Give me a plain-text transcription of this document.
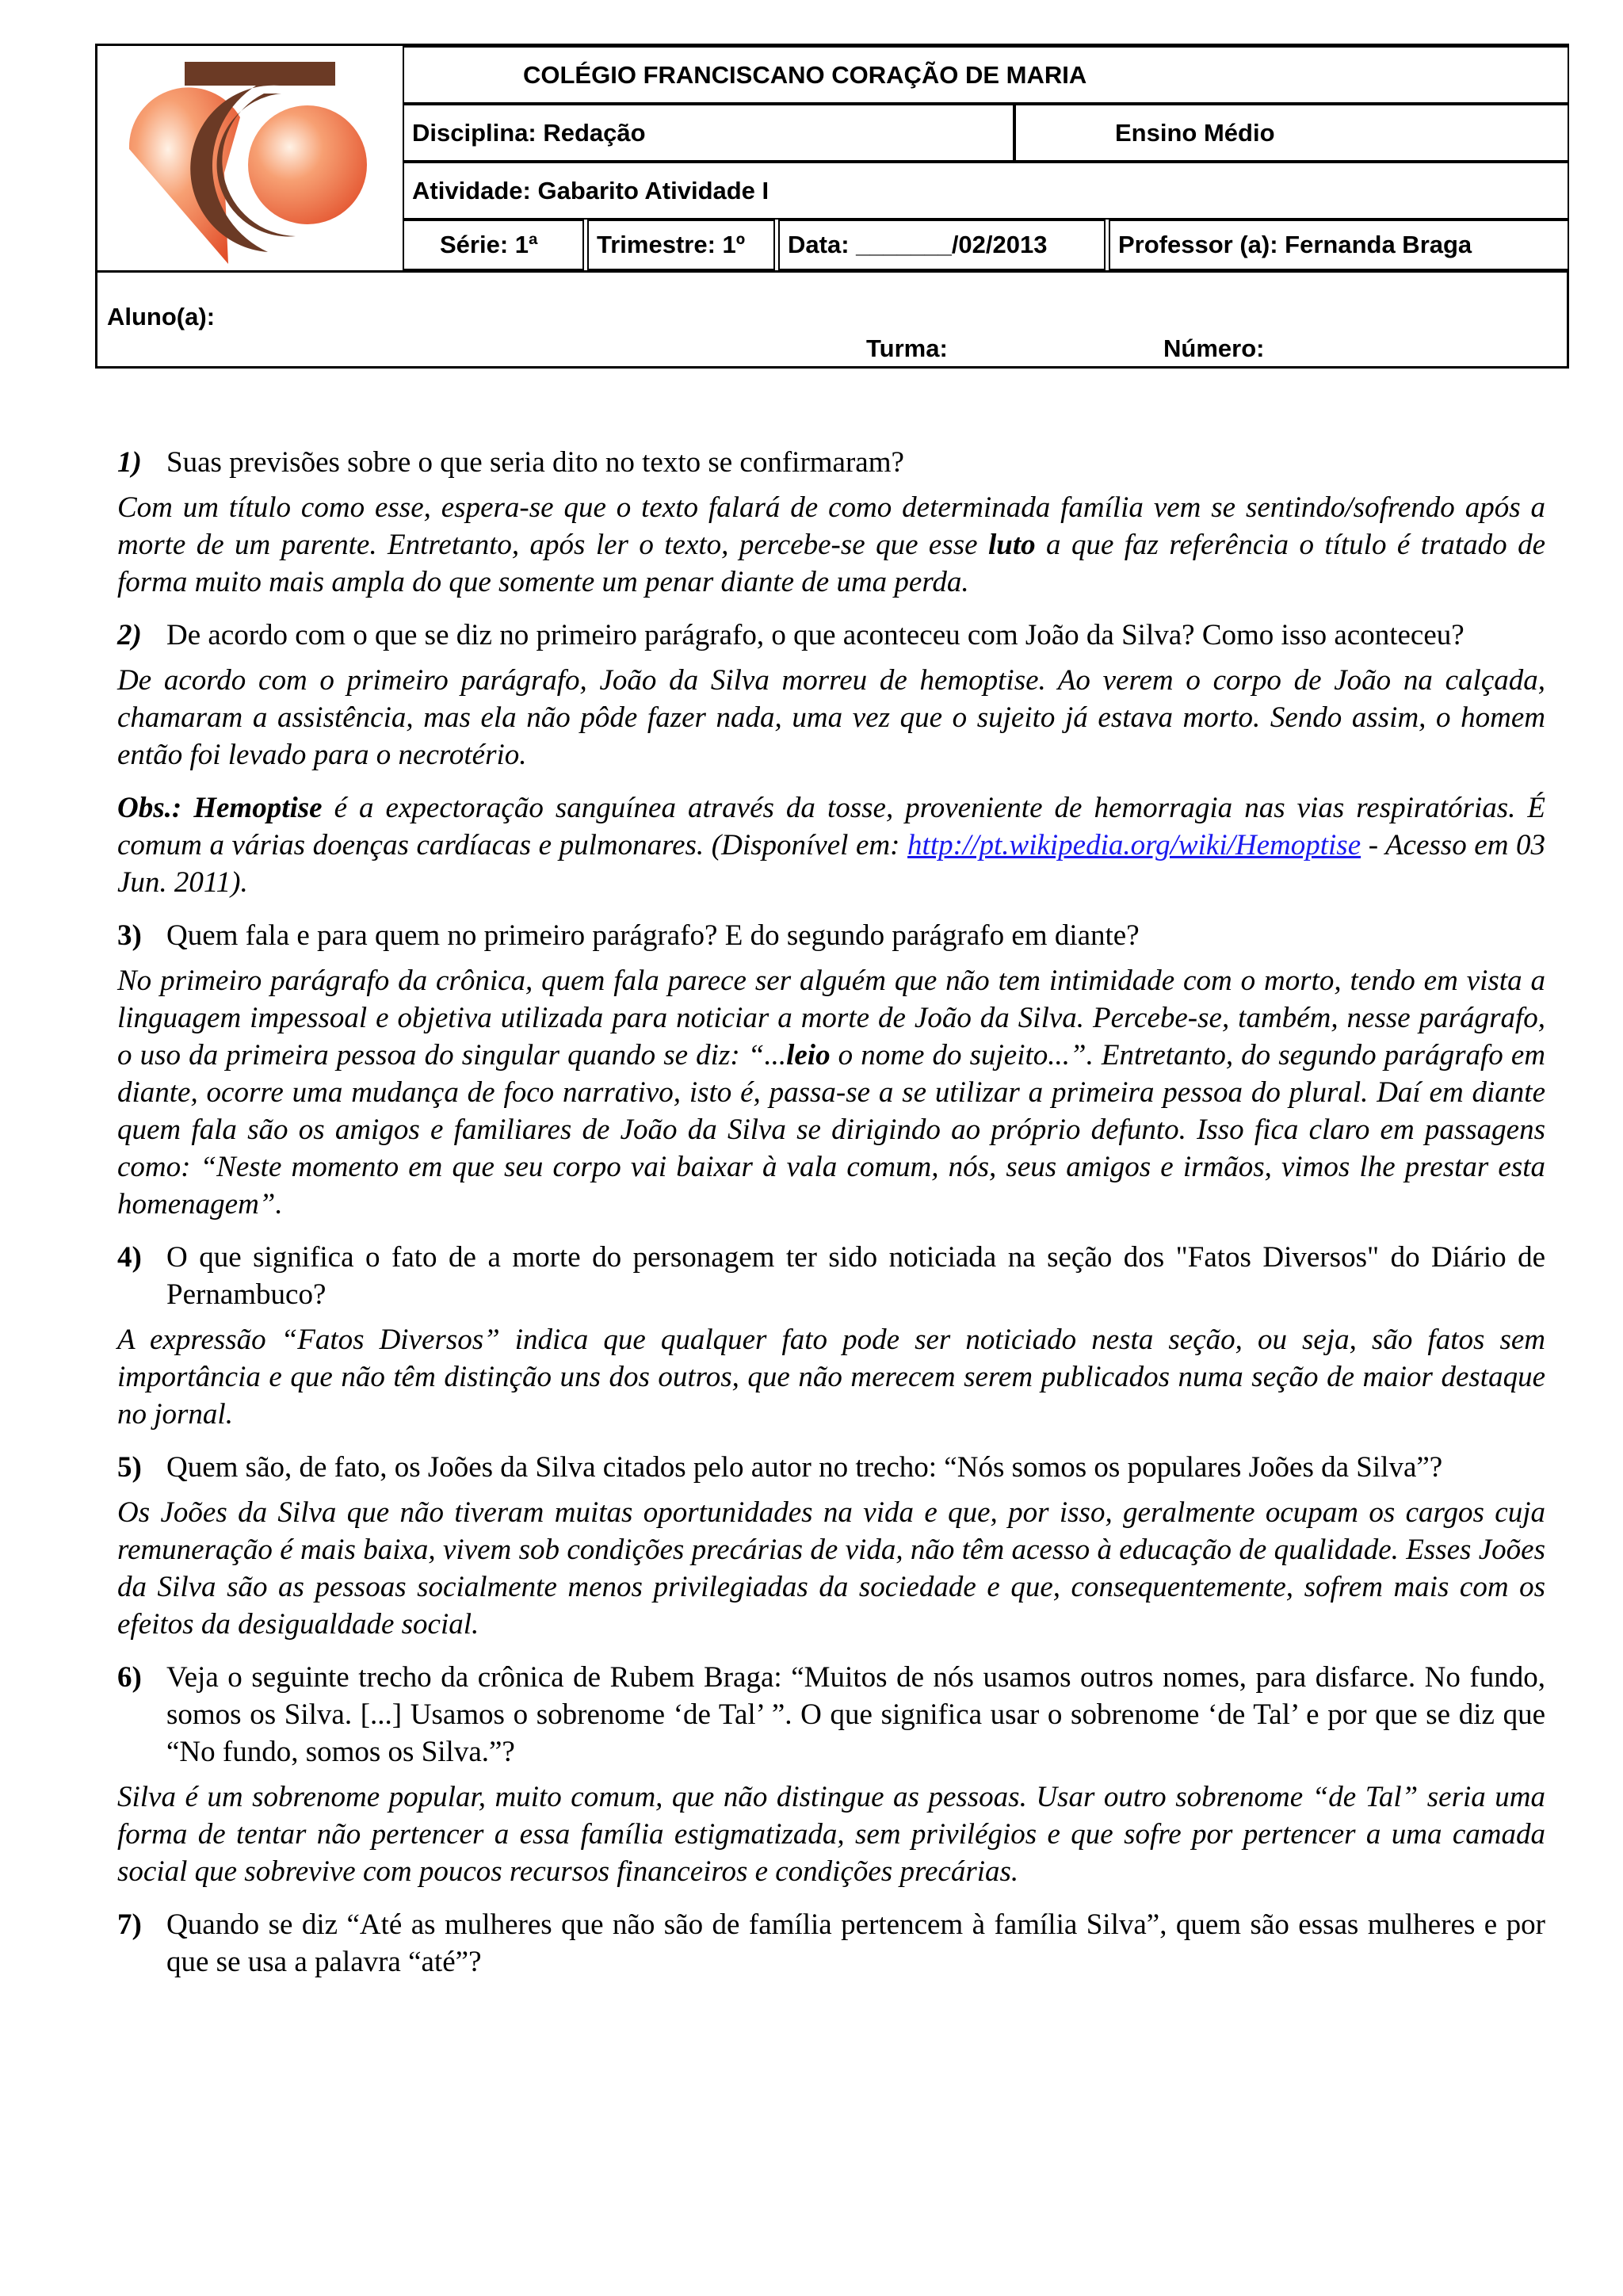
COLÉGIO FRANCISCANO CORAÇÃO DE MARIA
Disciplina: Redação	Ensino Médio
Atividade: Gabarito Atividade I
Série: 1ª Trimestre: 1º Data: _______/02/2013	Professor (a): Fernanda Braga
Aluno(a):
Turma:	Número:

1) Suas previsões sobre o que seria dito no texto se confirmaram?

Com um título como esse, espera-se que o texto falará de como determinada família vem se sentindo/sofrendo após a morte de um parente. Entretanto, após ler o texto, percebe-se que esse luto a que faz referência o título é tratado de forma muito mais ampla do que somente um penar diante de uma perda.

2) De acordo com o que se diz no primeiro parágrafo, o que aconteceu com João da Silva? Como isso aconteceu?

De acordo com o primeiro parágrafo, João da Silva morreu de hemoptise. Ao verem o corpo de João na calçada, chamaram a assistência, mas ela não pôde fazer nada, uma vez que o sujeito já estava morto. Sendo assim, o homem então foi levado para o necrotério.

Obs.: Hemoptise é a expectoração sanguínea através da tosse, proveniente de hemorragia nas vias respiratórias. É comum a várias doenças cardíacas e pulmonares. (Disponível em: http://pt.wikipedia.org/wiki/Hemoptise - Acesso em 03 Jun. 2011).

3) Quem fala e para quem no primeiro parágrafo? E do segundo parágrafo em diante?

No primeiro parágrafo da crônica, quem fala parece ser alguém que não tem intimidade com o morto, tendo em vista a linguagem impessoal e objetiva utilizada para noticiar a morte de João da Silva. Percebe-se, também, nesse parágrafo, o uso da primeira pessoa do singular quando se diz: “...leio o nome do sujeito...”. Entretanto, do segundo parágrafo em diante, ocorre uma mudança de foco narrativo, isto é, passa-se a se utilizar a primeira pessoa do plural. Daí em diante quem fala são os amigos e familiares de João da Silva se dirigindo ao próprio defunto. Isso fica claro em passagens como: “Neste momento em que seu corpo vai baixar à vala comum, nós, seus amigos e irmãos, vimos lhe prestar esta homenagem”.

4) O que significa o fato de a morte do personagem ter sido noticiada na seção dos "Fatos Diversos" do Diário de Pernambuco?

A expressão “Fatos Diversos” indica que qualquer fato pode ser noticiado nesta seção, ou seja, são fatos sem importância e que não têm distinção uns dos outros, que não merecem serem publicados numa seção de maior destaque no jornal.

5) Quem são, de fato, os Joões da Silva citados pelo autor no trecho: “Nós somos os populares Joões da Silva”?

Os Joões da Silva que não tiveram muitas oportunidades na vida e que, por isso, geralmente ocupam os cargos cuja remuneração é mais baixa, vivem sob condições precárias de vida, não têm acesso à educação de qualidade. Esses Joões da Silva são as pessoas socialmente menos privilegiadas da sociedade e que, consequentemente, sofrem mais com os efeitos da desigualdade social.

6) Veja o seguinte trecho da crônica de Rubem Braga: “Muitos de nós usamos outros nomes, para disfarce. No fundo, somos os Silva. [...] Usamos o sobrenome ‘de Tal’ ”. O que significa usar o sobrenome ‘de Tal’ e por que se diz que “No fundo, somos os Silva.”?

Silva é um sobrenome popular, muito comum, que não distingue as pessoas. Usar outro sobrenome “de Tal” seria uma forma de tentar não pertencer a essa família estigmatizada, sem privilégios e que sofre por pertencer a uma camada social que sobrevive com poucos recursos financeiros e condições precárias.

7) Quando se diz “Até as mulheres que não são de família pertencem à família Silva”, quem são essas mulheres e por que se usa a palavra “até”?
